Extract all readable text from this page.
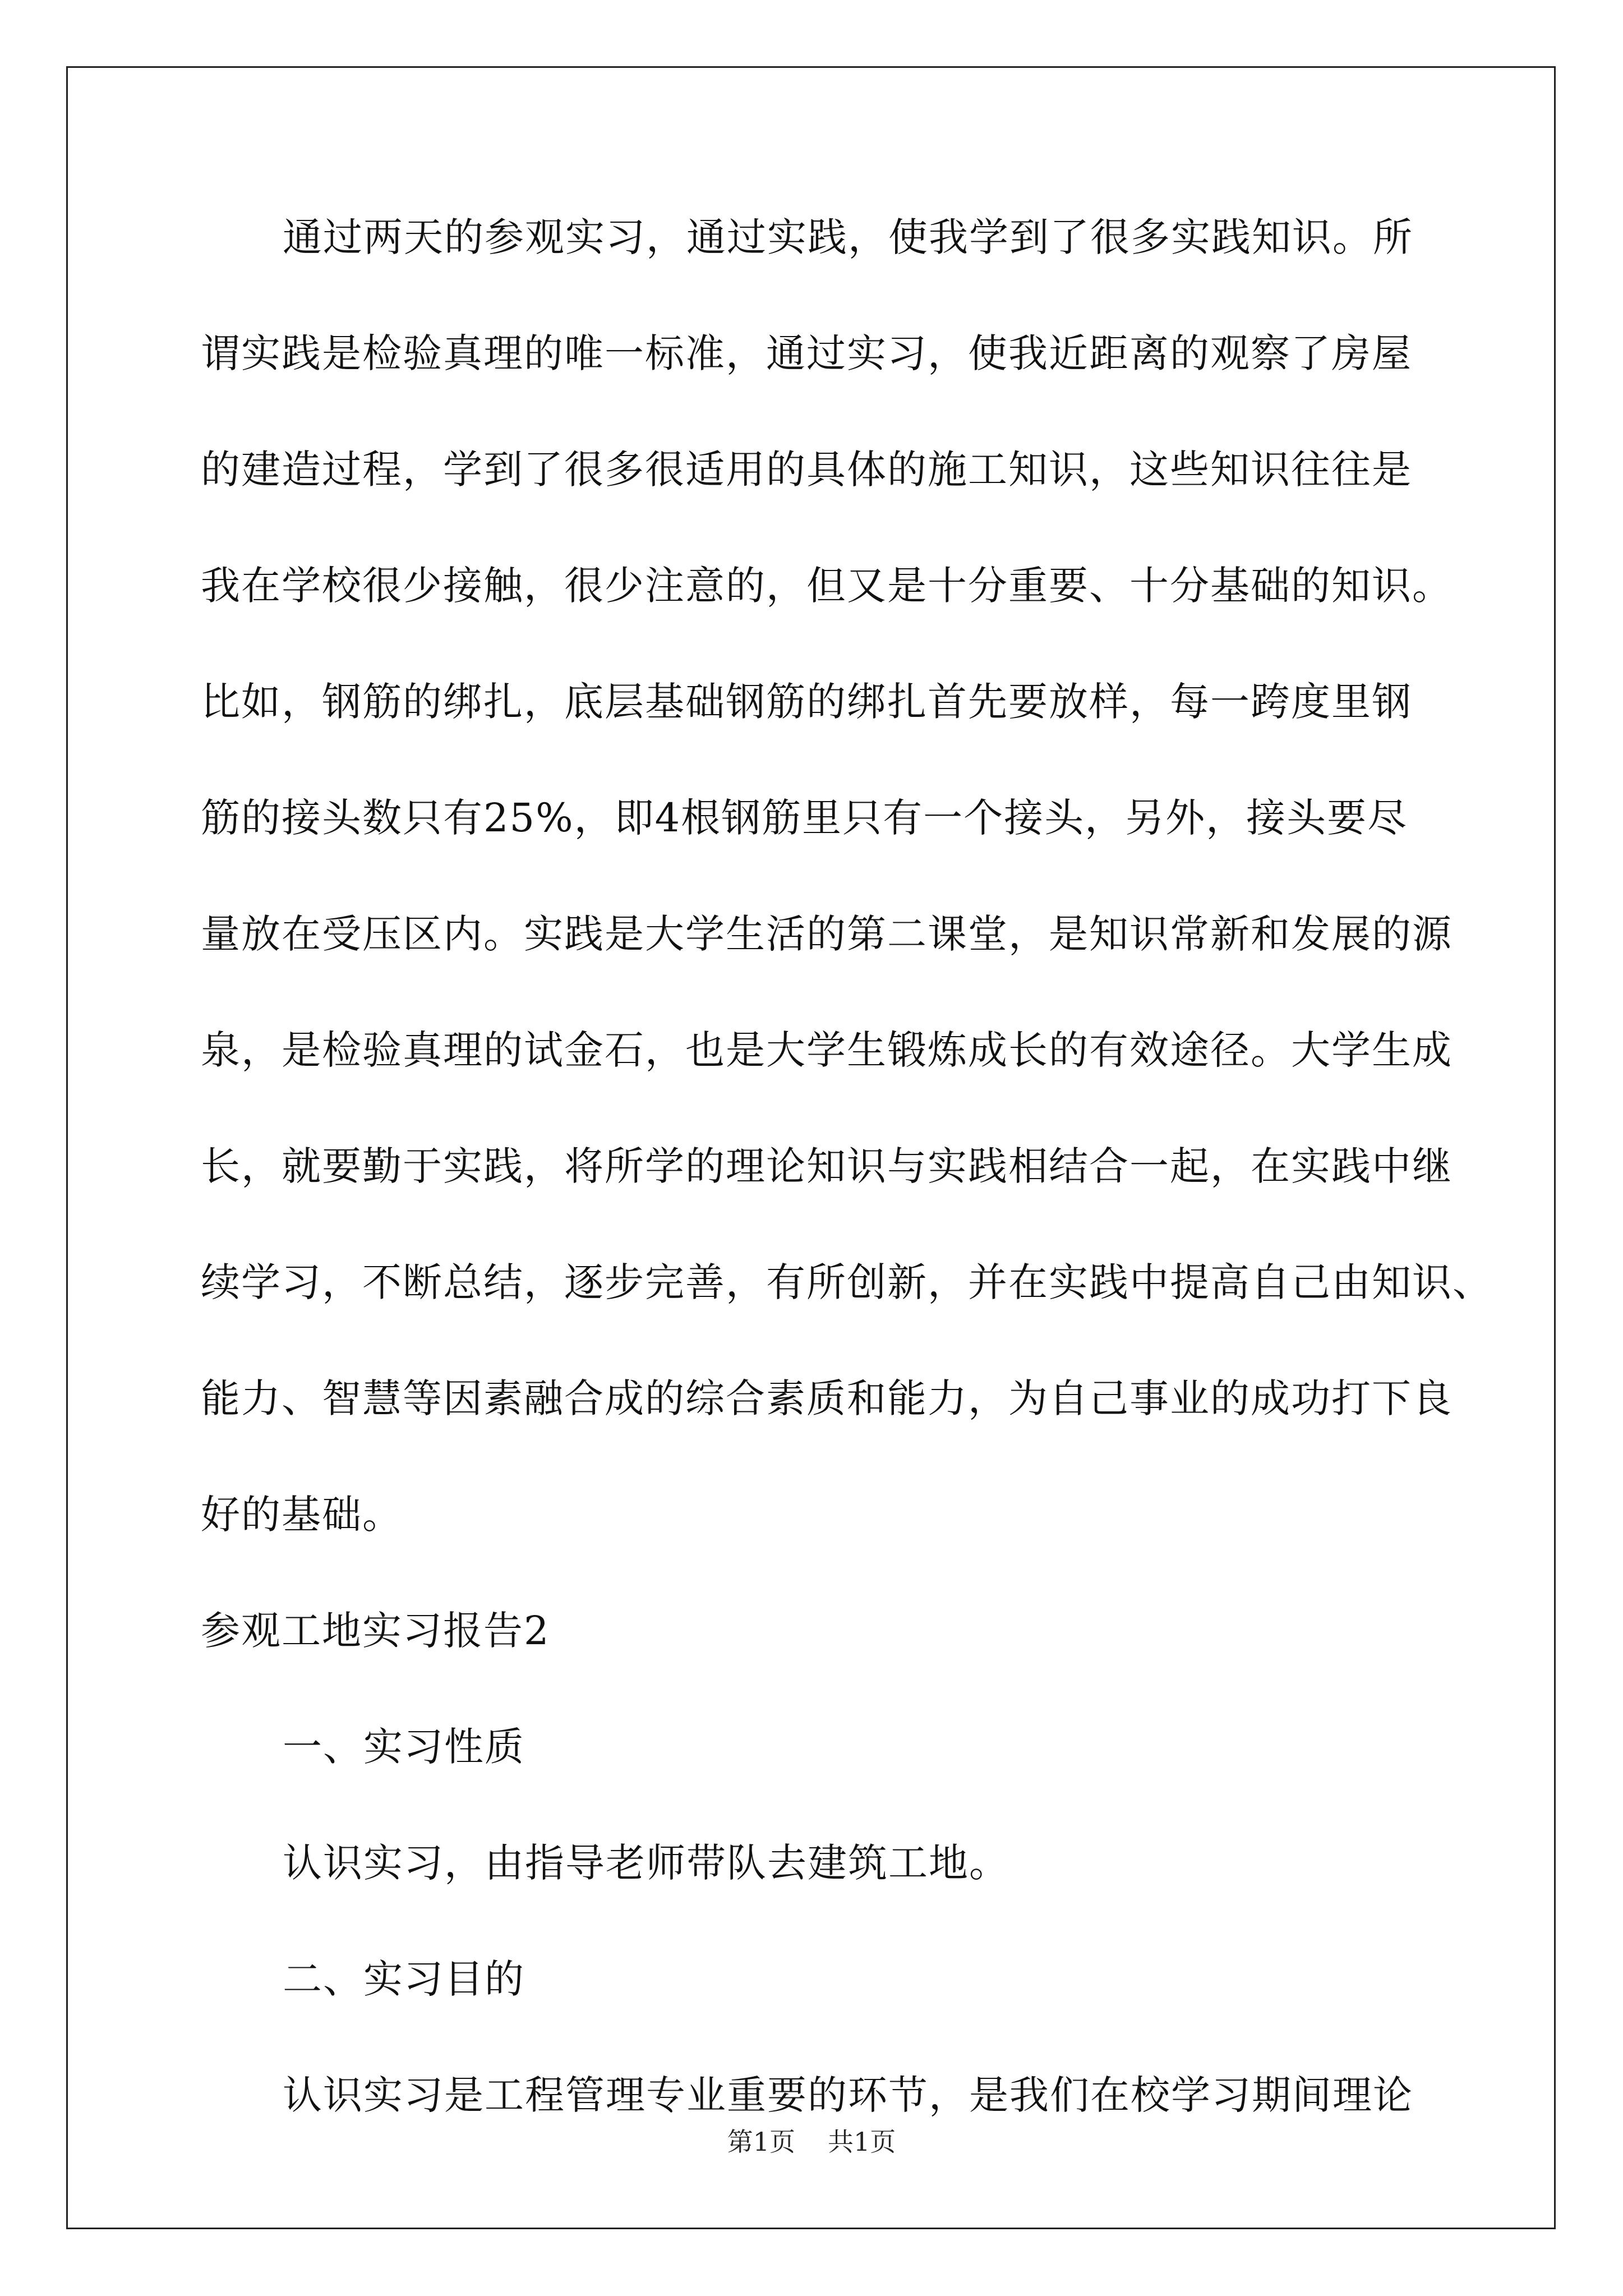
通过两天的参观实习，通过实践，使我学到了很多实践知识。所
谓实践是检验真理的唯一标准，通过实习，使我近距离的观察了房屋
的建造过程，学到了很多很适用的具体的施工知识，这些知识往往是
我在学校很少接触，很少注意的，但又是十分重要、十分基础的知识。
比如，钢筋的绑扎，底层基础钢筋的绑扎首先要放样，每一跨度里钢
筋的接头数只有25%，即4根钢筋里只有一个接头，另外，接头要尽
量放在受压区内。实践是大学生活的第二课堂，是知识常新和发展的源
泉，是检验真理的试金石，也是大学生锻炼成长的有效途径。大学生成
长，就要勤于实践，将所学的理论知识与实践相结合一起，在实践中继
续学习，不断总结，逐步完善，有所创新，并在实践中提高自己由知识、
能力、智慧等因素融合成的综合素质和能力，为自己事业的成功打下良
好的基础。
参观工地实习报告2
一、实习性质
认识实习，由指导老师带队去建筑工地。
二、实习目的
认识实习是工程管理专业重要的环节，是我们在校学习期间理论
第1页 共1页
